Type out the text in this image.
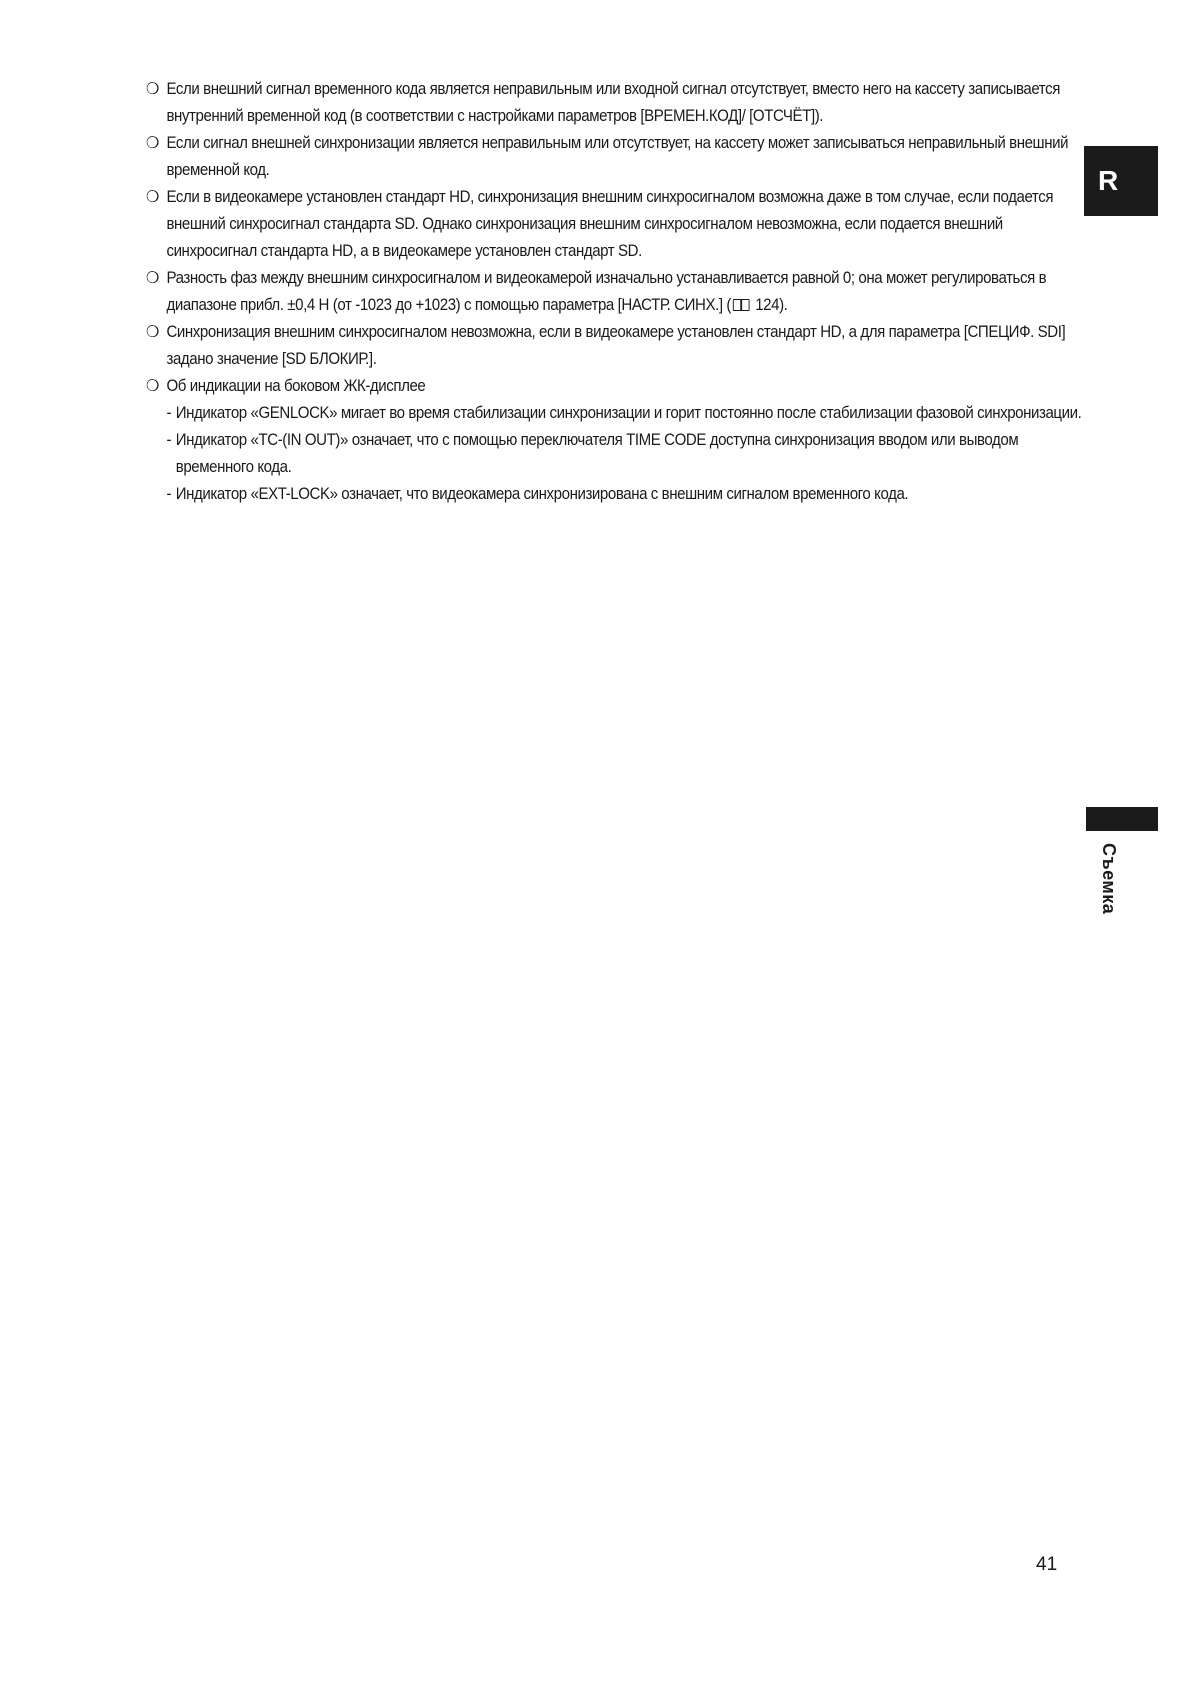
R
Съемка
❍ Если внешний сигнал временного кода является неправильным или входной сигнал отсутствует, вместо него на кассету записывается внутренний временной код (в соответствии с настройками параметров [ВРЕМЕН.КОД]/ [ОТСЧЁТ]).
❍ Если сигнал внешней синхронизации является неправильным или отсутствует, на кассету может записываться неправильный внешний временной код.
❍ Если в видеокамере установлен стандарт HD, синхронизация внешним синхросигналом возможна даже в том случае, если подается внешний синхросигнал стандарта SD. Однако синхронизация внешним синхросигналом невозможна, если подается внешний синхросигнал стандарта HD, а в видеокамере установлен стандарт SD.
❍ Разность фаз между внешним синхросигналом и видеокамерой изначально устанавливается равной 0; она может регулироваться в диапазоне прибл. ±0,4 H (от -1023 до +1023) с помощью параметра [НАСТР. СИНХ.] ( 124).
❍ Синхронизация внешним синхросигналом невозможна, если в видеокамере установлен стандарт HD, а для параметра [СПЕЦИФ. SDI] задано значение [SD БЛОКИР.].
❍ Об индикации на боковом ЖК-дисплее
- Индикатор «GENLOCK» мигает во время стабилизации синхронизации и горит постоянно после стабилизации фазовой синхронизации.
- Индикатор «TC-(IN OUT)» означает, что с помощью переключателя TIME CODE доступна синхронизация вводом или выводом временного кода.
- Индикатор «EXT-LOCK» означает, что видеокамера синхронизирована с внешним сигналом временного кода.
41
